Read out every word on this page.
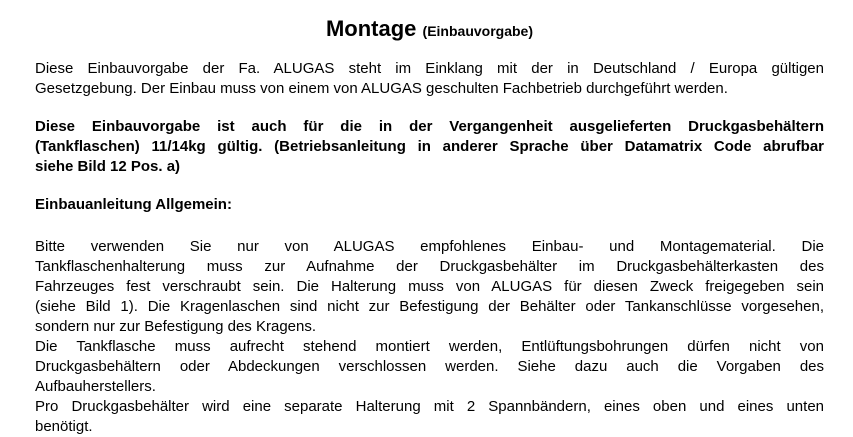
Montage (Einbauvorgabe)
Diese Einbauvorgabe der Fa. ALUGAS steht im Einklang mit der in Deutschland / Europa gültigen
Gesetzgebung. Der Einbau muss von einem von ALUGAS geschulten Fachbetrieb durchgeführt werden.
Diese Einbauvorgabe ist auch für die in der Vergangenheit ausgelieferten Druckgasbehältern
(Tankflaschen) 11/14kg gültig. (Betriebsanleitung in anderer Sprache über Datamatrix Code abrufbar
siehe Bild 12 Pos. a)
Einbauanleitung Allgemein:
Bitte verwenden Sie nur von ALUGAS empfohlenes Einbau- und Montagematerial. Die
Tankflaschenhalterung muss zur Aufnahme der Druckgasbehälter im Druckgasbehälterkasten des
Fahrzeuges fest verschraubt sein. Die Halterung muss von ALUGAS für diesen Zweck freigegeben sein
(siehe Bild 1). Die Kragenlaschen sind nicht zur Befestigung der Behälter oder Tankanschlüsse vorgesehen,
sondern nur zur Befestigung des Kragens.
Die Tankflasche muss aufrecht stehend montiert werden, Entlüftungsbohrungen dürfen nicht von
Druckgasbehältern oder Abdeckungen verschlossen werden. Siehe dazu auch die Vorgaben des
Aufbauherstellers.
Pro Druckgasbehälter wird eine separate Halterung mit 2 Spannbändern, eines oben und eines unten
benötigt.
